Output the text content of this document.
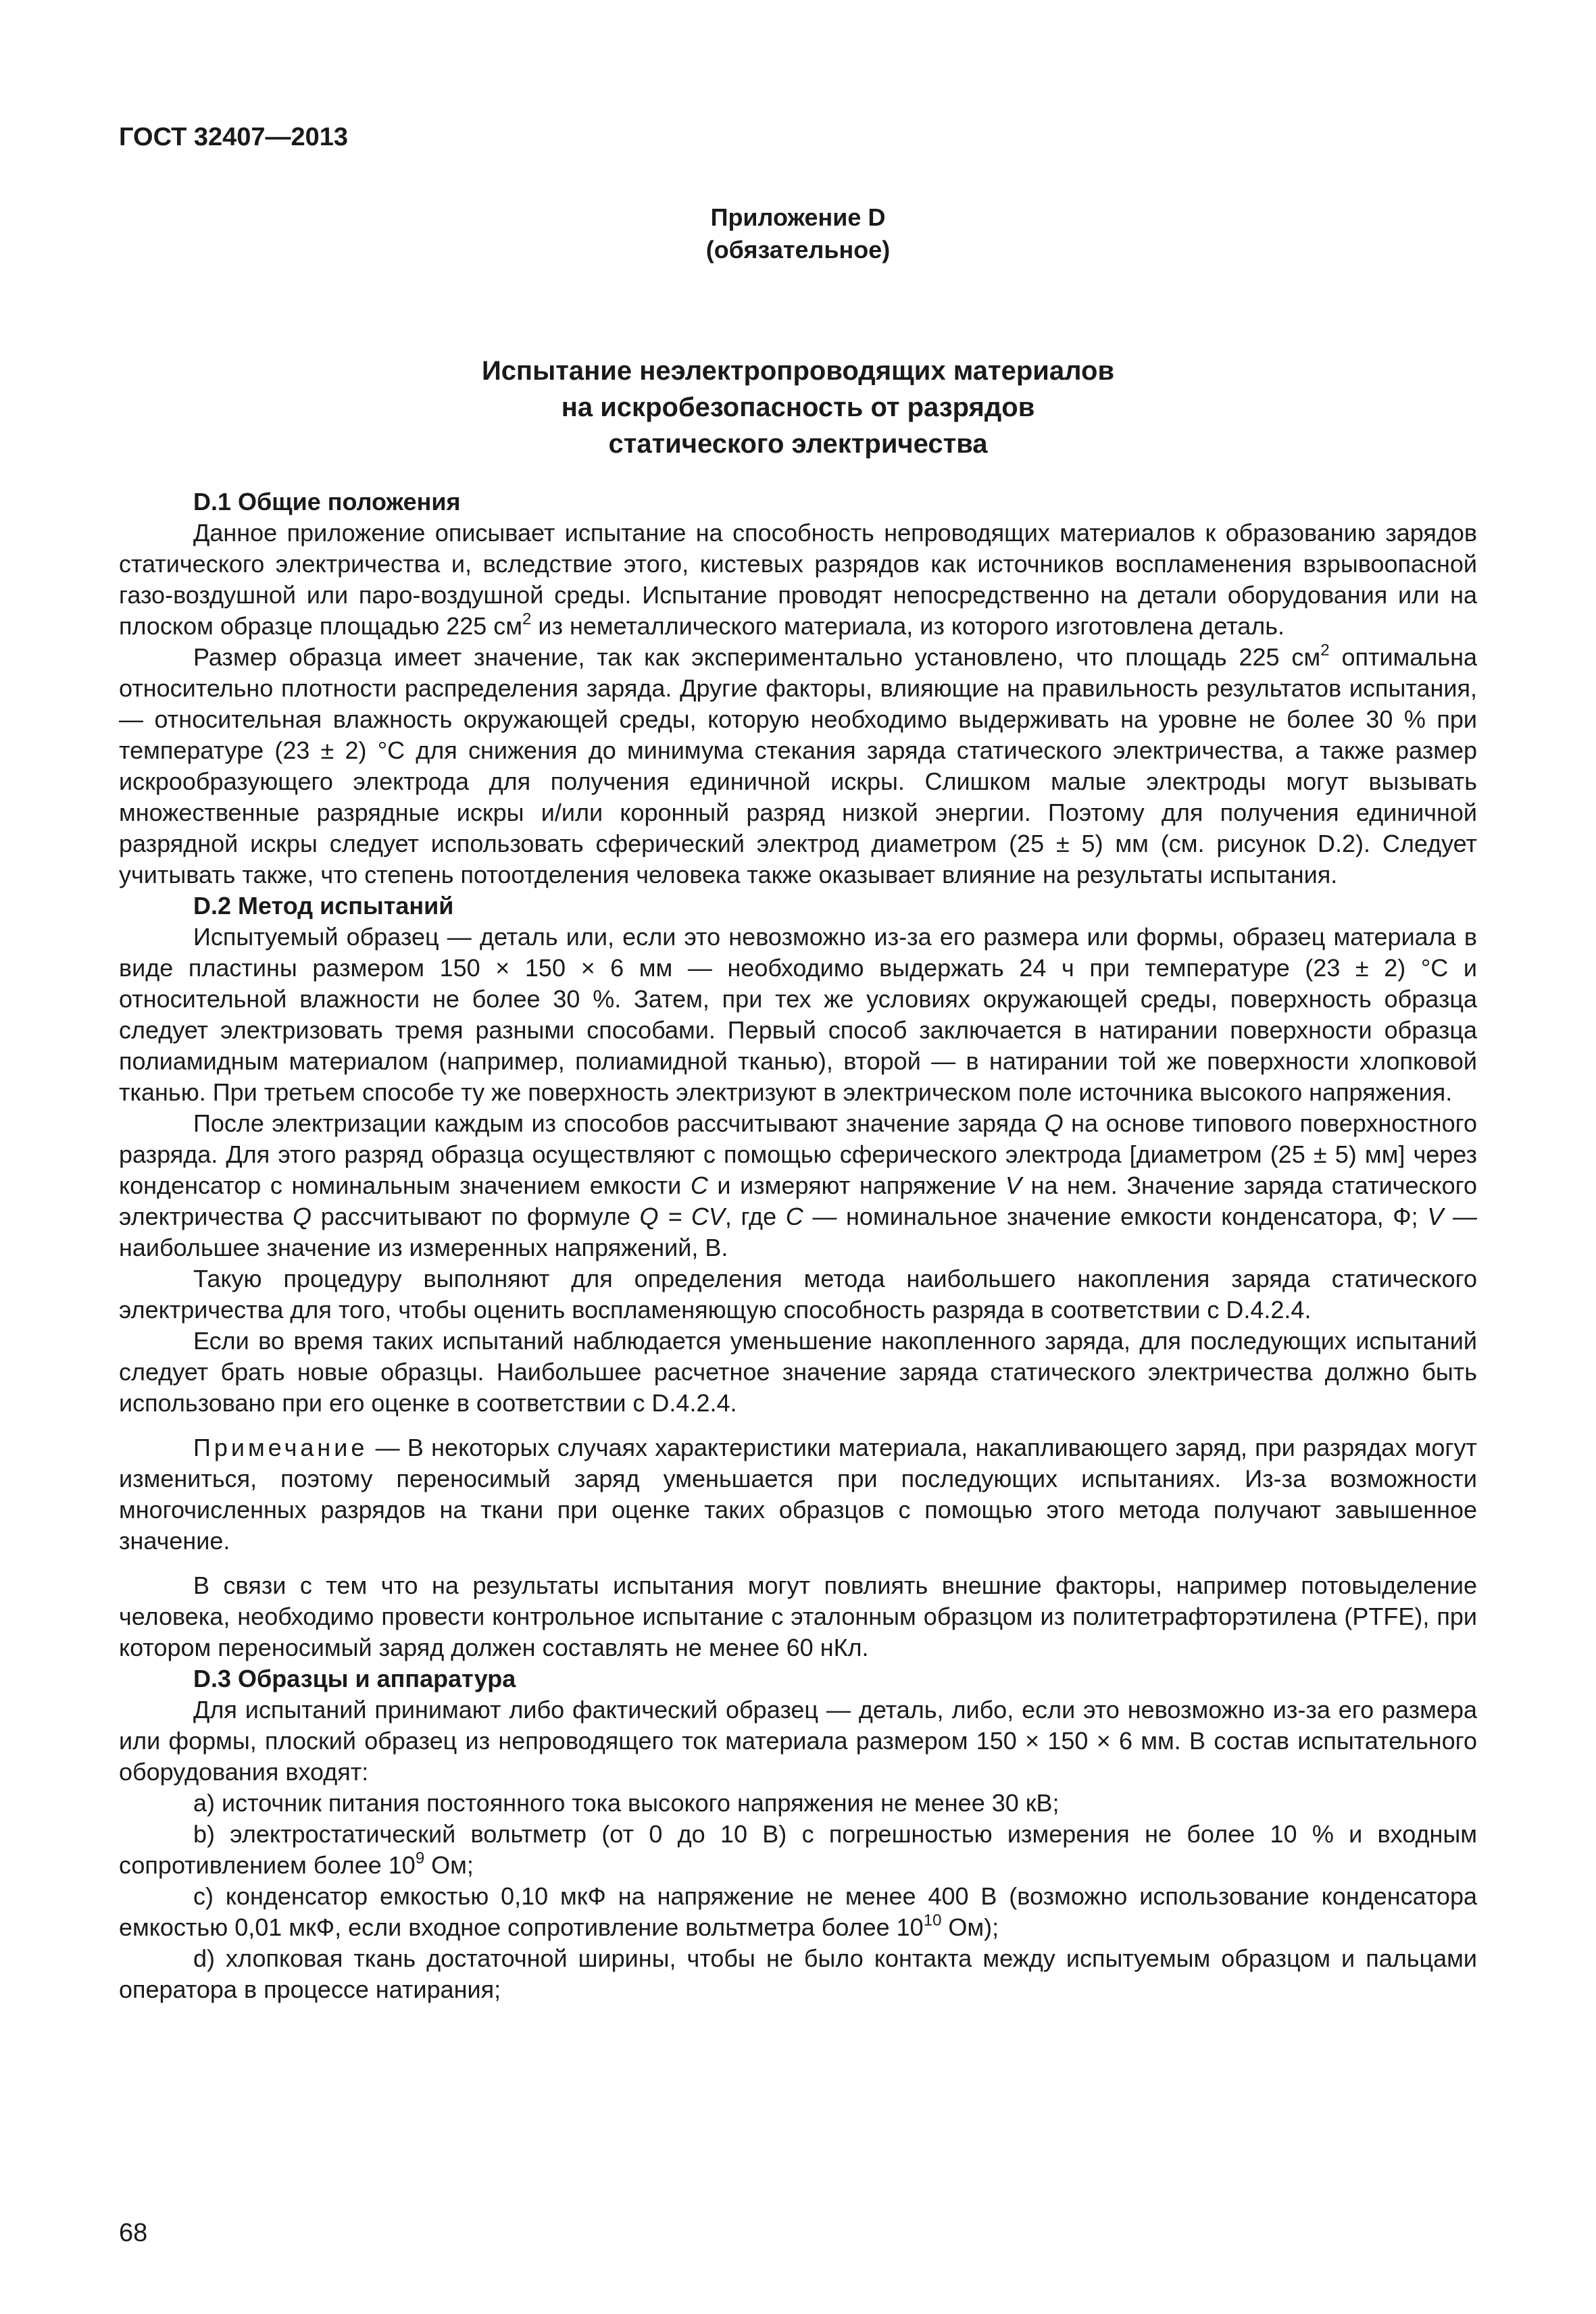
ГОСТ 32407—2013
Приложение D
(обязательное)
Испытание неэлектропроводящих материалов
на искробезопасность от разрядов
статического электричества
D.1 Общие положения

Данное приложение описывает испытание на способность непроводящих материалов к образованию зарядов статического электричества и, вследствие этого, кистевых разрядов как источников воспламенения взрывоопасной газо-воздушной или паро-воздушной среды. Испытание проводят непосредственно на детали оборудования или на плоском образце площадью 225 $см^2$ из неметаллического материала, из которого изготовлена деталь.

Размер образца имеет значение, так как экспериментально установлено, что площадь 225 $см^2$ оптимальна относительно плотности распределения заряда. Другие факторы, влияющие на правильность результатов испытания, — относительная влажность окружающей среды, которую необходимо выдерживать на уровне не более 30 % при температуре (23 ± 2) °С для снижения до минимума стекания заряда статического электричества, а также размер искрообразующего электрода для получения единичной искры. Слишком малые электроды могут вызывать множественные разрядные искры и/или коронный разряд низкой энергии. Поэтому для получения единичной разрядной искры следует использовать сферический электрод диаметром (25 ± 5) мм (см. рисунок D.2). Следует учитывать также, что степень потоотделения человека также оказывает влияние на результаты испытания.

D.2 Метод испытаний

Испытуемый образец — деталь или, если это невозможно из-за его размера или формы, образец материала в виде пластины размером 150 × 150 × 6 мм — необходимо выдержать 24 ч при температуре (23 ± 2) °С и относительной влажности не более 30 %. Затем, при тех же условиях окружающей среды, поверхность образца следует электризовать тремя разными способами. Первый способ заключается в натирании поверхности образца полиамидным материалом (например, полиамидной тканью), второй — в натирании той же поверхности хлопковой тканью. При третьем способе ту же поверхность электризуют в электрическом поле источника высокого напряжения.

После электризации каждым из способов рассчитывают значение заряда Q на основе типового поверхностного разряда. Для этого разряд образца осуществляют с помощью сферического электрода [диаметром (25 ± 5) мм] через конденсатор с номинальным значением емкости С и измеряют напряжение V на нем. Значение заряда статического электричества Q рассчитывают по формуле Q = CV, где С — номинальное значение емкости конденсатора, Ф; V — наибольшее значение из измеренных напряжений, В.

Такую процедуру выполняют для определения метода наибольшего накопления заряда статического электричества для того, чтобы оценить воспламеняющую способность разряда в соответствии с D.4.2.4.

Если во время таких испытаний наблюдается уменьшение накопленного заряда, для последующих испытаний следует брать новые образцы. Наибольшее расчетное значение заряда статического электричества должно быть использовано при его оценке в соответствии с D.4.2.4.

Примечание — В некоторых случаях характеристики материала, накапливающего заряд, при разрядах могут измениться, поэтому переносимый заряд уменьшается при последующих испытаниях. Из-за возможности многочисленных разрядов на ткани при оценке таких образцов с помощью этого метода получают завышенное значение.

В связи с тем что на результаты испытания могут повлиять внешние факторы, например потовыделение человека, необходимо провести контрольное испытание с эталонным образцом из политетрафторэтилена (PTFE), при котором переносимый заряд должен составлять не менее 60 нКл.

D.3 Образцы и аппаратура

Для испытаний принимают либо фактический образец — деталь, либо, если это невозможно из-за его размера или формы, плоский образец из непроводящего ток материала размером 150 × 150 × 6 мм. В состав испытательного оборудования входят:

а) источник питания постоянного тока высокого напряжения не менее 30 кВ;

b) электростатический вольтметр (от 0 до 10 В) с погрешностью измерения не более 10 % и входным сопротивлением более $10^9$ Ом;

с) конденсатор емкостью 0,10 мкФ на напряжение не менее 400 В (возможно использование конденсатора емкостью 0,01 мкФ, если входное сопротивление вольтметра более $10^{10}$ Ом);

d) хлопковая ткань достаточной ширины, чтобы не было контакта между испытуемым образцом и пальцами оператора в процессе натирания;

68
